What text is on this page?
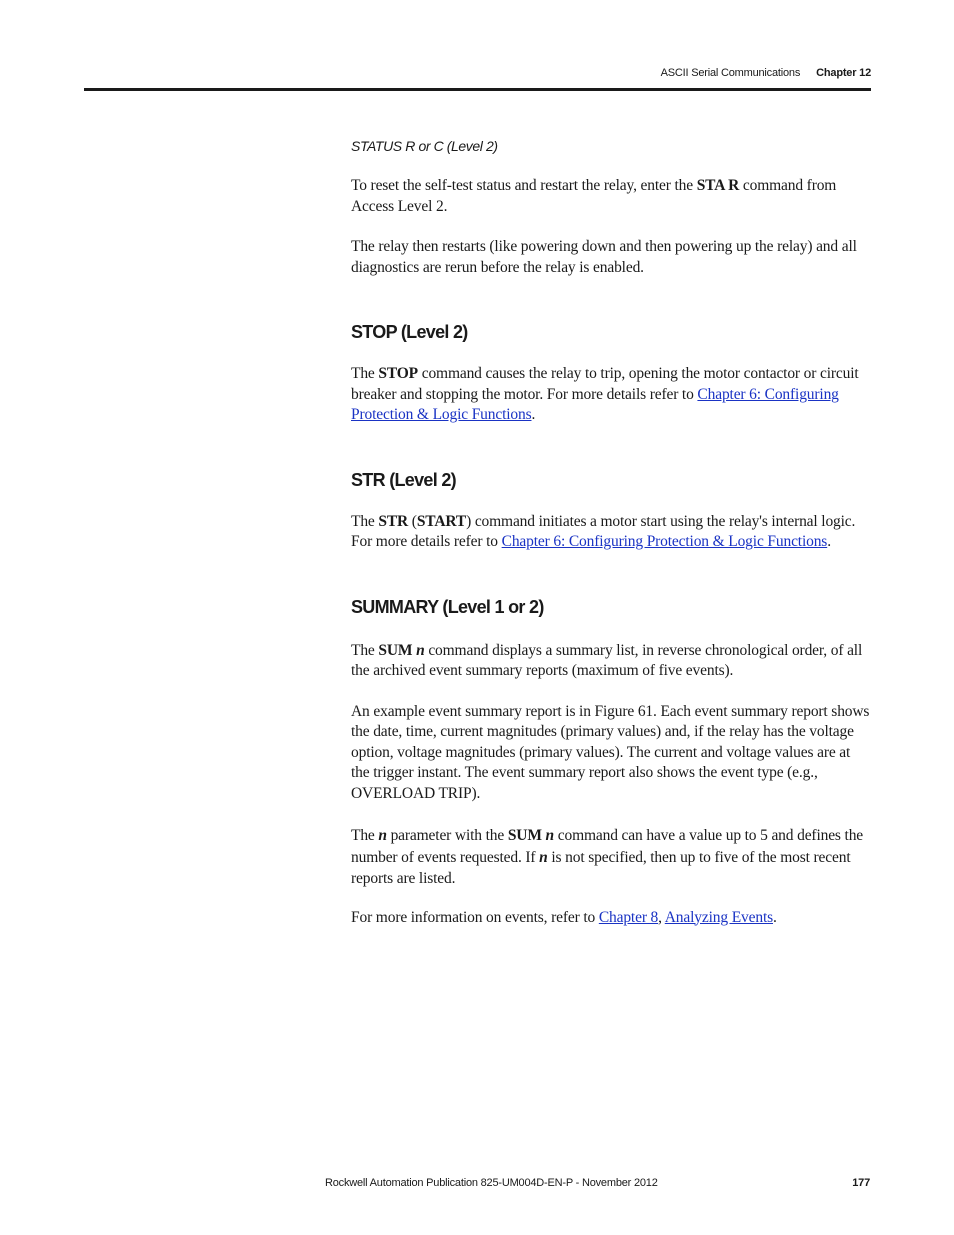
ASCII Serial Communications Chapter 12
STATUS R or C (Level 2)

To reset the self-test status and restart the relay, enter the STA R command from Access Level 2.

The relay then restarts (like powering down and then powering up the relay) and all diagnostics are rerun before the relay is enabled.

STOP (Level 2)

The STOP command causes the relay to trip, opening the motor contactor or circuit breaker and stopping the motor. For more details refer to Chapter 6: Configuring Protection & Logic Functions.

STR (Level 2)

The STR (START) command initiates a motor start using the relay's internal logic. For more details refer to Chapter 6: Configuring Protection & Logic Functions.

SUMMARY (Level 1 or 2)

The SUM n command displays a summary list, in reverse chronological order, of all the archived event summary reports (maximum of five events).

An example event summary report is in Figure 61. Each event summary report shows the date, time, current magnitudes (primary values) and, if the relay has the voltage option, voltage magnitudes (primary values). The current and voltage values are at the trigger instant. The event summary report also shows the event type (e.g., OVERLOAD TRIP).

The n parameter with the SUM n command can have a value up to 5 and defines the number of events requested. If n is not specified, then up to five of the most recent reports are listed.

For more information on events, refer to Chapter 8, Analyzing Events.

Rockwell Automation Publication 825-UM004D-EN-P - November 2012	177
